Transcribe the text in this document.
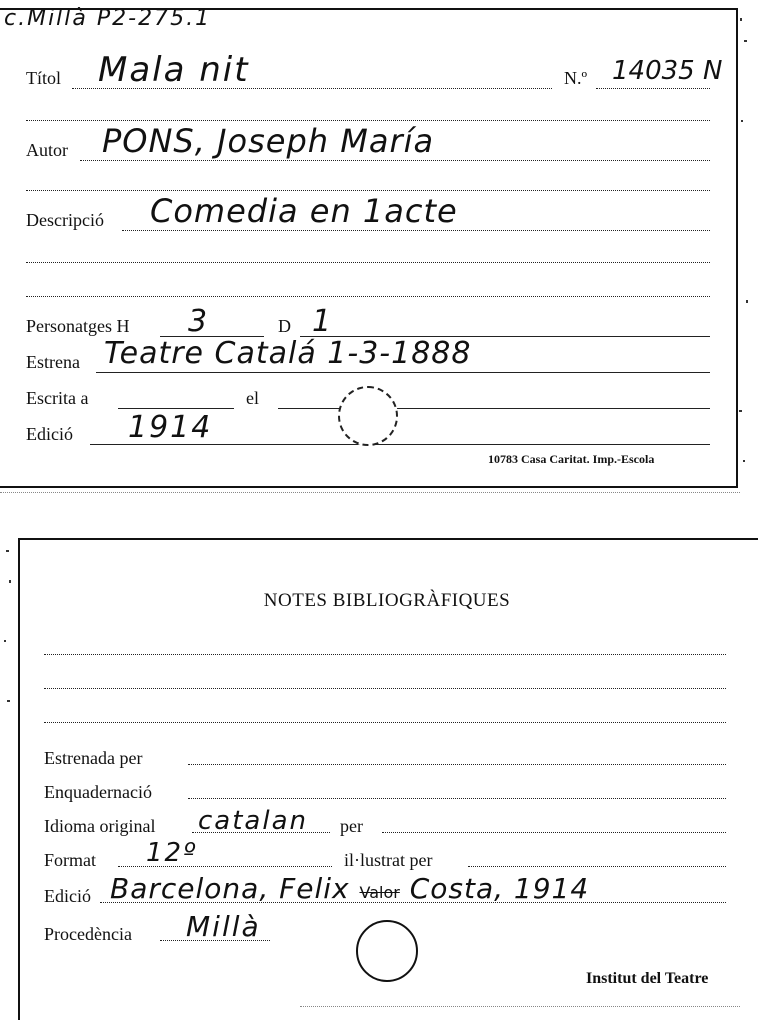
c.Millà P2-275.1
Títol Mala nit	N.º 14035 N
Autor PONS, Joseph María
Descripció Comedia en 1acte
Personatges H 3	D 1
Estrena Teatre Catalá 1-3-1888
Escrita a	el
Edició 1914
10783 Casa Caritat. Imp.-Escola
NOTES BIBLIOGRÀFIQUES
Estrenada per
Enquadernació
Idioma original catalan per
Format 12º	il·lustrat per
Edició Barcelona, Felix Valor Costa, 1914
Procedència Millà
Institut del Teatre
